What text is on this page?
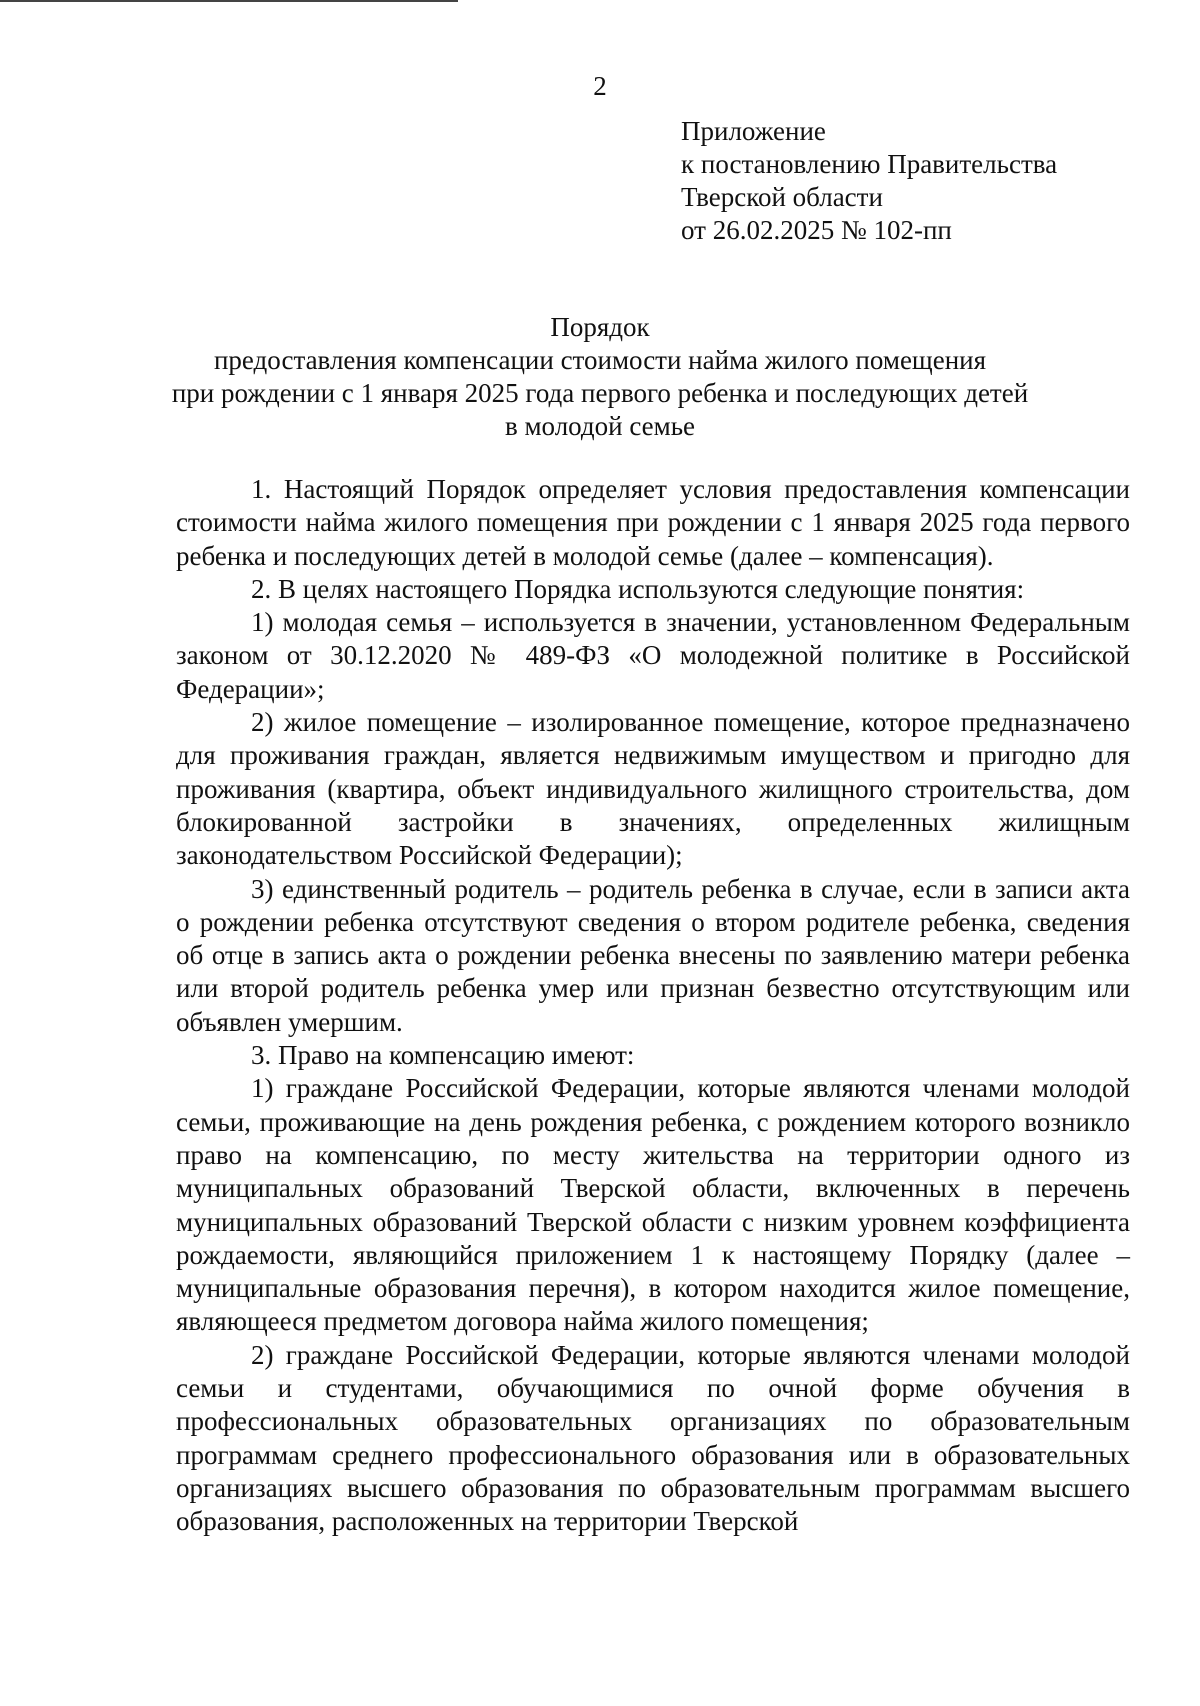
2
Приложение
к постановлению Правительства
Тверской области
от 26.02.2025 № 102-пп
Порядок
предоставления компенсации стоимости найма жилого помещения
при рождении с 1 января 2025 года первого ребенка и последующих детей
в молодой семье

1. Настоящий Порядок определяет условия предоставления компенсации стоимости найма жилого помещения при рождении с 1 января 2025 года первого ребенка и последующих детей в молодой семье (далее – компенсация).

2. В целях настоящего Порядка используются следующие понятия:

1) молодая семья – используется в значении, установленном Федеральным законом от 30.12.2020 № 489-ФЗ «О молодежной политике в Российской Федерации»;

2) жилое помещение – изолированное помещение, которое предназначено для проживания граждан, является недвижимым имуществом и пригодно для проживания (квартира, объект индивидуального жилищного строительства, дом блокированной застройки в значениях, определенных жилищным законодательством Российской Федерации);

3) единственный родитель – родитель ребенка в случае, если в записи акта о рождении ребенка отсутствуют сведения о втором родителе ребенка, сведения об отце в запись акта о рождении ребенка внесены по заявлению матери ребенка или второй родитель ребенка умер или признан безвестно отсутствующим или объявлен умершим.

3. Право на компенсацию имеют:

1) граждане Российской Федерации, которые являются членами молодой семьи, проживающие на день рождения ребенка, с рождением которого возникло право на компенсацию, по месту жительства на территории одного из муниципальных образований Тверской области, включенных в перечень муниципальных образований Тверской области с низким уровнем коэффициента рождаемости, являющийся приложением 1 к настоящему Порядку (далее – муниципальные образования перечня), в котором находится жилое помещение, являющееся предметом договора найма жилого помещения;

2) граждане Российской Федерации, которые являются членами молодой семьи и студентами, обучающимися по очной форме обучения в профессиональных образовательных организациях по образовательным программам среднего профессионального образования или в образовательных организациях высшего образования по образовательным программам высшего образования, расположенных на территории Тверской
